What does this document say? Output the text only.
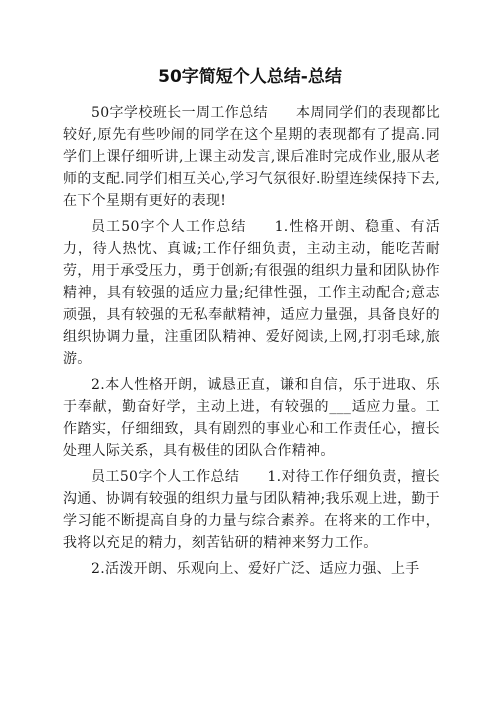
50字简短个人总结-总结

50字学校班长一周工作总结 本周同学们的表现都比较好,原先有些吵闹的同学在这个星期的表现都有了提高.同学们上课仔细听讲,上课主动发言,课后准时完成作业,服从老师的支配.同学们相互关心,学习气氛很好.盼望连续保持下去,在下个星期有更好的表现!

员工50字个人工作总结 1.性格开朗、稳重、有活力，待人热忱、真诚;工作仔细负责，主动主动，能吃苦耐劳，用于承受压力，勇于创新;有很强的组织力量和团队协作精神，具有较强的适应力量;纪律性强，工作主动配合;意志顽强，具有较强的无私奉献精神，适应力量强，具备良好的组织协调力量，注重团队精神、爱好阅读,上网,打羽毛球,旅游。

2.本人性格开朗，诚恳正直，谦和自信，乐于进取、乐于奉献，勤奋好学，主动上进，有较强的___适应力量。工作踏实，仔细细致，具有剧烈的事业心和工作责任心，擅长处理人际关系，具有极佳的团队合作精神。

员工50字个人工作总结 1.对待工作仔细负责，擅长沟通、协调有较强的组织力量与团队精神;我乐观上进，勤于学习能不断提高自身的力量与综合素养。在将来的工作中，我将以充足的精力，刻苦钻研的精神来努力工作。

2.活泼开朗、乐观向上、爱好广泛、适应力强、上手
